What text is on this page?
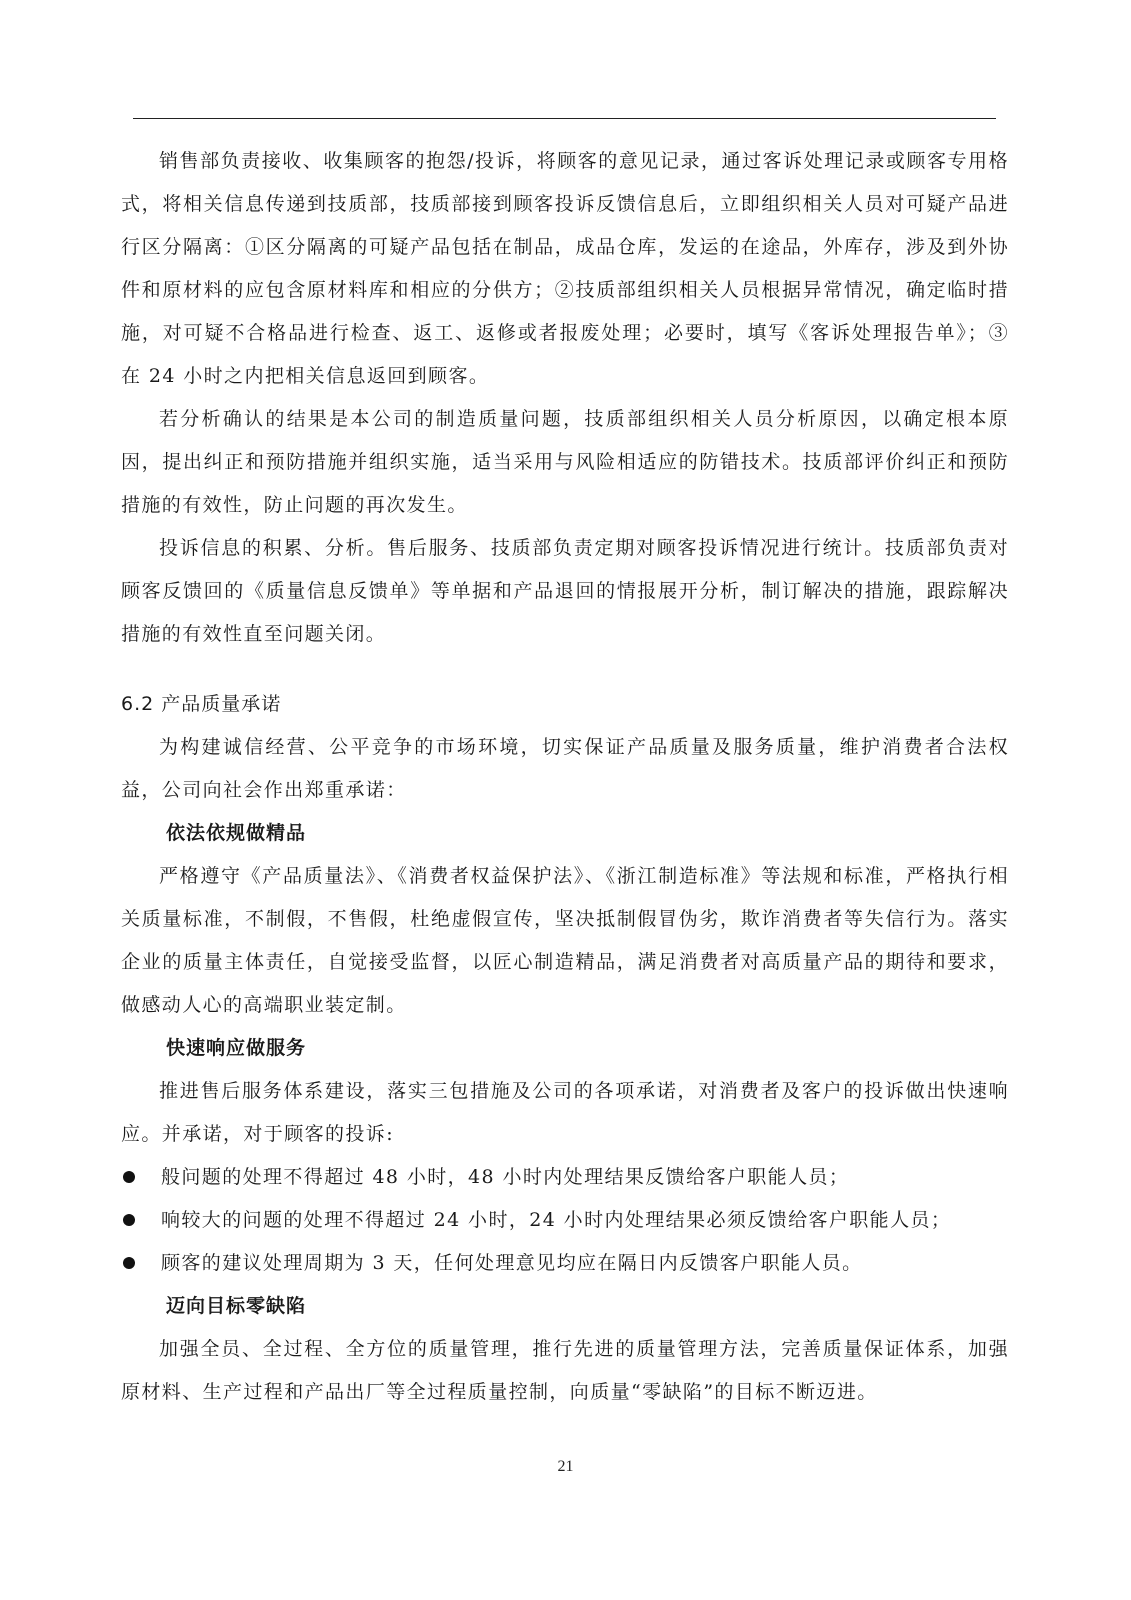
销售部负责接收、收集顾客的抱怨/投诉，将顾客的意见记录，通过客诉处理记录或顾客专用格式，将相关信息传递到技质部，技质部接到顾客投诉反馈信息后，立即组织相关人员对可疑产品进行区分隔离：①区分隔离的可疑产品包括在制品，成品仓库，发运的在途品，外库存，涉及到外协件和原材料的应包含原材料库和相应的分供方；②技质部组织相关人员根据异常情况，确定临时措施，对可疑不合格品进行检查、返工、返修或者报废处理；必要时，填写《客诉处理报告单》；③在 24 小时之内把相关信息返回到顾客。

若分析确认的结果是本公司的制造质量问题，技质部组织相关人员分析原因，以确定根本原因，提出纠正和预防措施并组织实施，适当采用与风险相适应的防错技术。技质部评价纠正和预防措施的有效性，防止问题的再次发生。

投诉信息的积累、分析。售后服务、技质部负责定期对顾客投诉情况进行统计。技质部负责对顾客反馈回的《质量信息反馈单》等单据和产品退回的情报展开分析，制订解决的措施，跟踪解决措施的有效性直至问题关闭。

6.2 产品质量承诺

为构建诚信经营、公平竞争的市场环境，切实保证产品质量及服务质量，维护消费者合法权益，公司向社会作出郑重承诺：

依法依规做精品

严格遵守《产品质量法》、《消费者权益保护法》、《浙江制造标准》等法规和标准，严格执行相关质量标准，不制假，不售假，杜绝虚假宣传，坚决抵制假冒伪劣，欺诈消费者等失信行为。落实企业的质量主体责任，自觉接受监督，以匠心制造精品，满足消费者对高质量产品的期待和要求，做感动人心的高端职业装定制。

快速响应做服务

推进售后服务体系建设，落实三包措施及公司的各项承诺，对消费者及客户的投诉做出快速响应。并承诺，对于顾客的投诉:

般问题的处理不得超过 48 小时，48 小时内处理结果反馈给客户职能人员；
响较大的问题的处理不得超过 24 小时，24 小时内处理结果必须反馈给客户职能人员；
顾客的建议处理周期为 3 天，任何处理意见均应在隔日内反馈客户职能人员。
迈向目标零缺陷

加强全员、全过程、全方位的质量管理，推行先进的质量管理方法，完善质量保证体系，加强原材料、生产过程和产品出厂等全过程质量控制，向质量“零缺陷”的目标不断迈进。

21
